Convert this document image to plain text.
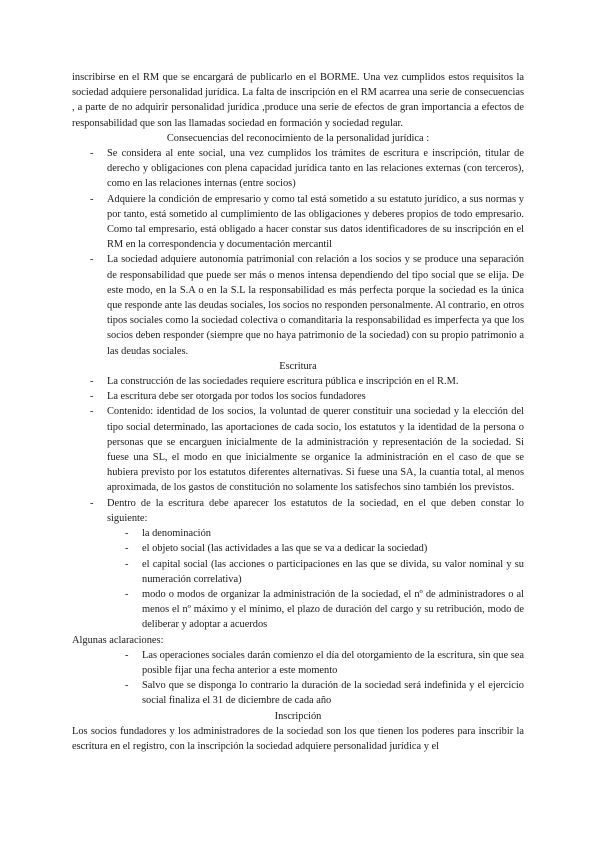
inscribirse en el RM que se encargará de publicarlo en el BORME. Una vez cumplidos estos requisitos la sociedad adquiere personalidad jurídica. La falta de inscripción en el RM acarrea una serie de consecuencias , a parte de no adquirir personalidad jurídica ,produce una serie de efectos de gran importancia a efectos de responsabilidad que son las llamadas sociedad en formación y sociedad regular.

Consecuencias del reconocimiento de la personalidad jurídica :

- Se considera al ente social, una vez cumplidos los trámites de escritura e inscripción, titular de derecho y obligaciones con plena capacidad jurídica tanto en las relaciones externas (con terceros), como en las relaciones internas (entre socios)
- Adquiere la condición de empresario y como tal está sometido a su estatuto jurídico, a sus normas y por tanto, está sometido al cumplimiento de las obligaciones y deberes propios de todo empresario. Como tal empresario, está obligado a hacer constar sus datos identificadores de su inscripción en el RM en la correspondencia y documentación mercantil
- La sociedad adquiere autonomía patrimonial con relación a los socios y se produce una separación de responsabilidad que puede ser más o menos intensa dependiendo del tipo social que se elija. De este modo, en la S.A o en la S.L la responsabilidad es más perfecta porque la sociedad es la única que responde ante las deudas sociales, los socios no responden personalmente. Al contrario, en otros tipos sociales como la sociedad colectiva o comanditaria la responsabilidad es imperfecta ya que los socios deben responder (siempre que no haya patrimonio de la sociedad) con su propio patrimonio a las deudas sociales.

Escritura

- La construcción de las sociedades requiere escritura pública e inscripción en el R.M.
- La escritura debe ser otorgada por todos los socios fundadores
- Contenido: identidad de los socios, la voluntad de querer constituir una sociedad y la elección del tipo social determinado, las aportaciones de cada socio, los estatutos y la identidad de la persona o personas que se encarguen inicialmente de la administración y representación de la sociedad. Si fuese una SL, el modo en que inicialmente se organice la administración en el caso de que se hubiera previsto por los estatutos diferentes alternativas. Si fuese una SA, la cuantía total, al menos aproximada, de los gastos de constitución no solamente los satisfechos sino también los previstos.
- Dentro de la escritura debe aparecer los estatutos de la sociedad, en el que deben constar lo siguiente:
- la denominación
- el objeto social (las actividades a las que se va a dedicar la sociedad)
- el capital social (las acciones o participaciones en las que se divida, su valor nominal y su numeración correlativa)
- modo o modos de organizar la administración de la sociedad, el nº de administradores o al menos el nº máximo y el mínimo, el plazo de duración del cargo y su retribución, modo de deliberar y adoptar a acuerdos

Algunas aclaraciones:

- Las operaciones sociales darán comienzo el día del otorgamiento de la escritura, sin que sea posible fijar una fecha anterior a este momento
- Salvo que se disponga lo contrario la duración de la sociedad será indefinida y el ejercicio social finaliza el 31 de diciembre de cada año

Inscripción

Los socios fundadores y los administradores de la sociedad son los que tienen los poderes para inscribir la escritura en el registro, con la inscripción la sociedad adquiere personalidad jurídica y el
